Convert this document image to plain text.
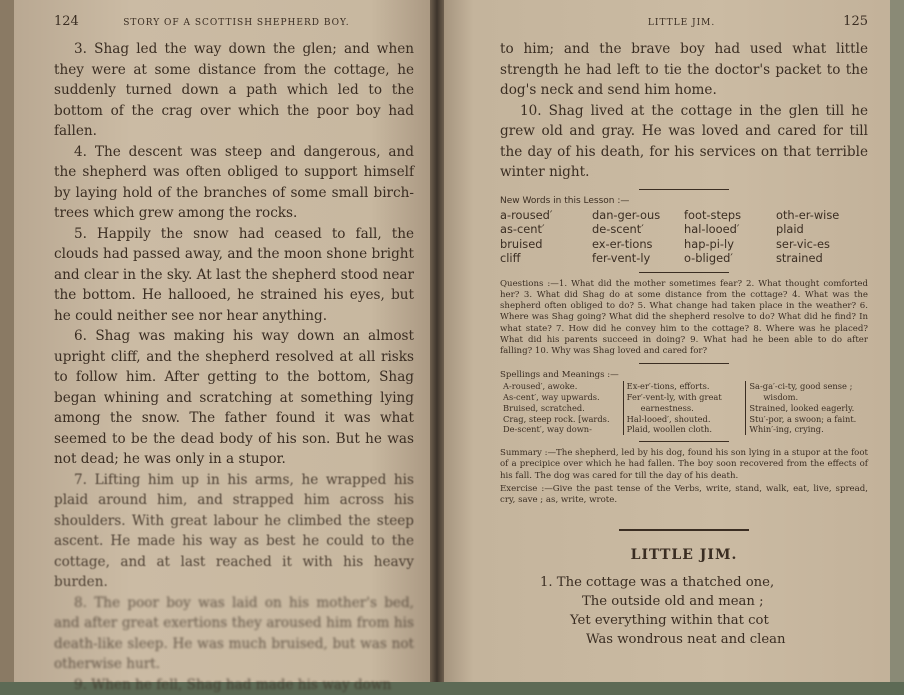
124	STORY OF A SCOTTISH SHEPHERD BOY.

3. Shag led the way down the glen; and when they were at some distance from the cottage, he suddenly turned down a path which led to the bottom of the crag over which the poor boy had fallen.

4. The descent was steep and dangerous, and the shepherd was often obliged to support himself by laying hold of the branches of some small birch-trees which grew among the rocks.

5. Happily the snow had ceased to fall, the clouds had passed away, and the moon shone bright and clear in the sky. At last the shepherd stood near the bottom. He hallooed, he strained his eyes, but he could neither see nor hear anything.

6. Shag was making his way down an almost upright cliff, and the shepherd resolved at all risks to follow him. After getting to the bottom, Shag began whining and scratching at something lying among the snow. The father found it was what seemed to be the dead body of his son. But he was not dead; he was only in a stupor.

7. Lifting him up in his arms, he wrapped his plaid around him, and strapped him across his shoulders. With great labour he climbed the steep ascent. He made his way as best he could to the cottage, and at last reached it with his heavy burden.

8. The poor boy was laid on his mother's bed, and after great exertions they aroused him from his death-like sleep. He was much bruised, but was not otherwise hurt.

9. When he fell, Shag had made his way down

LITTLE JIM.	125

to him; and the brave boy had used what little strength he had left to tie the doctor's packet to the dog's neck and send him home.

10. Shag lived at the cottage in the glen till he grew old and gray. He was loved and cared for till the day of his death, for his services on that terrible winter night.

New Words in this Lesson :—
a-roused′	dan-ger-ous	foot-steps	oth-er-wise
as-cent′	de-scent′	hal-looed′	plaid
bruised	ex-er-tions	hap-pi-ly	ser-vic-es
cliff	fer-vent-ly	o-bliged′	strained

Questions :—1. What did the mother sometimes fear? 2. What thought comforted her? 3. What did Shag do at some distance from the cottage? 4. What was the shepherd often obliged to do? 5. What change had taken place in the weather? 6. Where was Shag going? What did the shepherd resolve to do? What did he find? In what state? 7. How did he convey him to the cottage? 8. Where was he placed? What did his parents succeed in doing? 9. What had he been able to do after falling? 10. Why was Shag loved and cared for?

Spellings and Meanings :—
A-roused′, awoke.
As-cent′, way upwards.
Bruised, scratched.
Crag, steep rock. [wards.
De-scent′, way down-
Ex-er′-tions, efforts.
Fer′-vent-ly, with great
earnestness.
Hal-looed′, shouted.
Plaid, woollen cloth.
Sa-ga′-ci-ty, good sense ;
wisdom.
Strained, looked eagerly.
Stu′-por, a swoon; a faint.
Whin′-ing, crying.

Summary :—The shepherd, led by his dog, found his son lying in a stupor at the foot of a precipice over which he had fallen. The boy soon recovered from the effects of his fall. The dog was cared for till the day of his death.

Exercise :—Give the past tense of the Verbs, write, stand, walk, eat, live, spread, cry, save ; as, write, wrote.

LITTLE JIM.
1. The cottage was a thatched one,
The outside old and mean ;
Yet everything within that cot
Was wondrous neat and clean
